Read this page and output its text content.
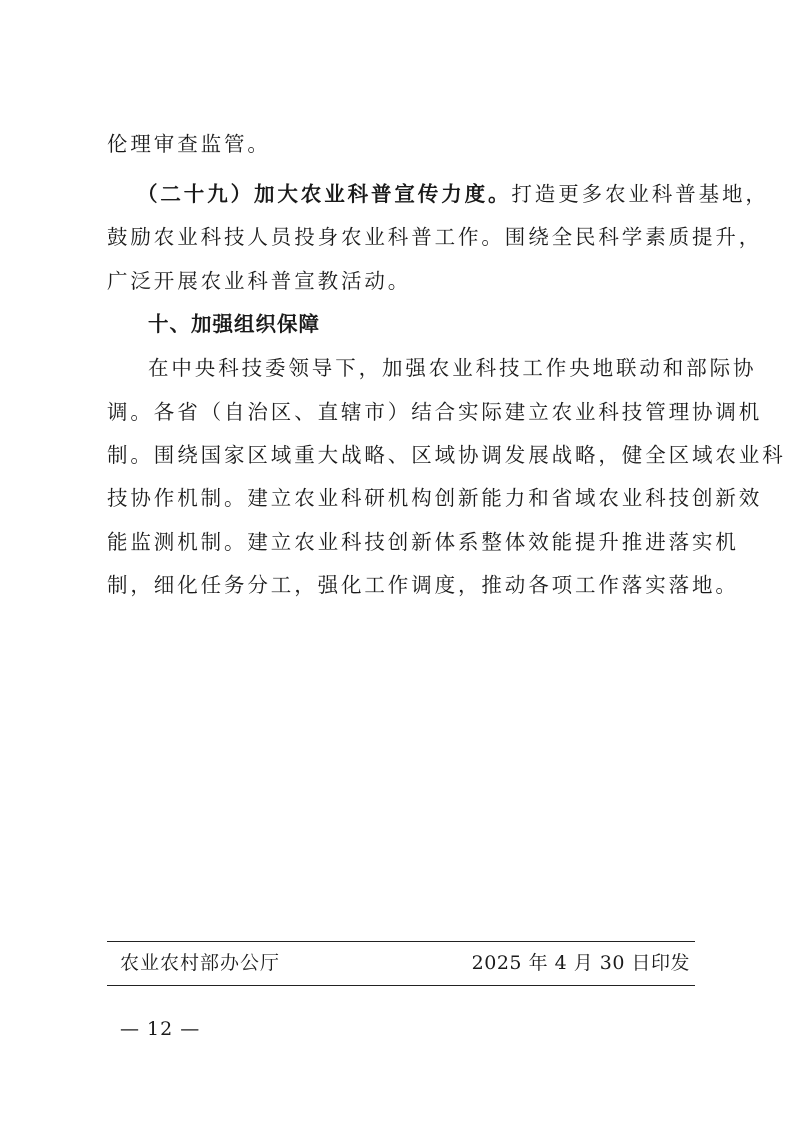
伦理审查监管。
（二十九）加大农业科普宣传力度。打造更多农业科普基地，
鼓励农业科技人员投身农业科普工作。围绕全民科学素质提升，
广泛开展农业科普宣教活动。
十、加强组织保障
在中央科技委领导下，加强农业科技工作央地联动和部际协
调。各省（自治区、直辖市）结合实际建立农业科技管理协调机
制。围绕国家区域重大战略、区域协调发展战略，健全区域农业科
技协作机制。建立农业科研机构创新能力和省域农业科技创新效
能监测机制。建立农业科技创新体系整体效能提升推进落实机
制，细化任务分工，强化工作调度，推动各项工作落实落地。
农业农村部办公厅	2025 年 4 月 30 日印发
— 12 —
